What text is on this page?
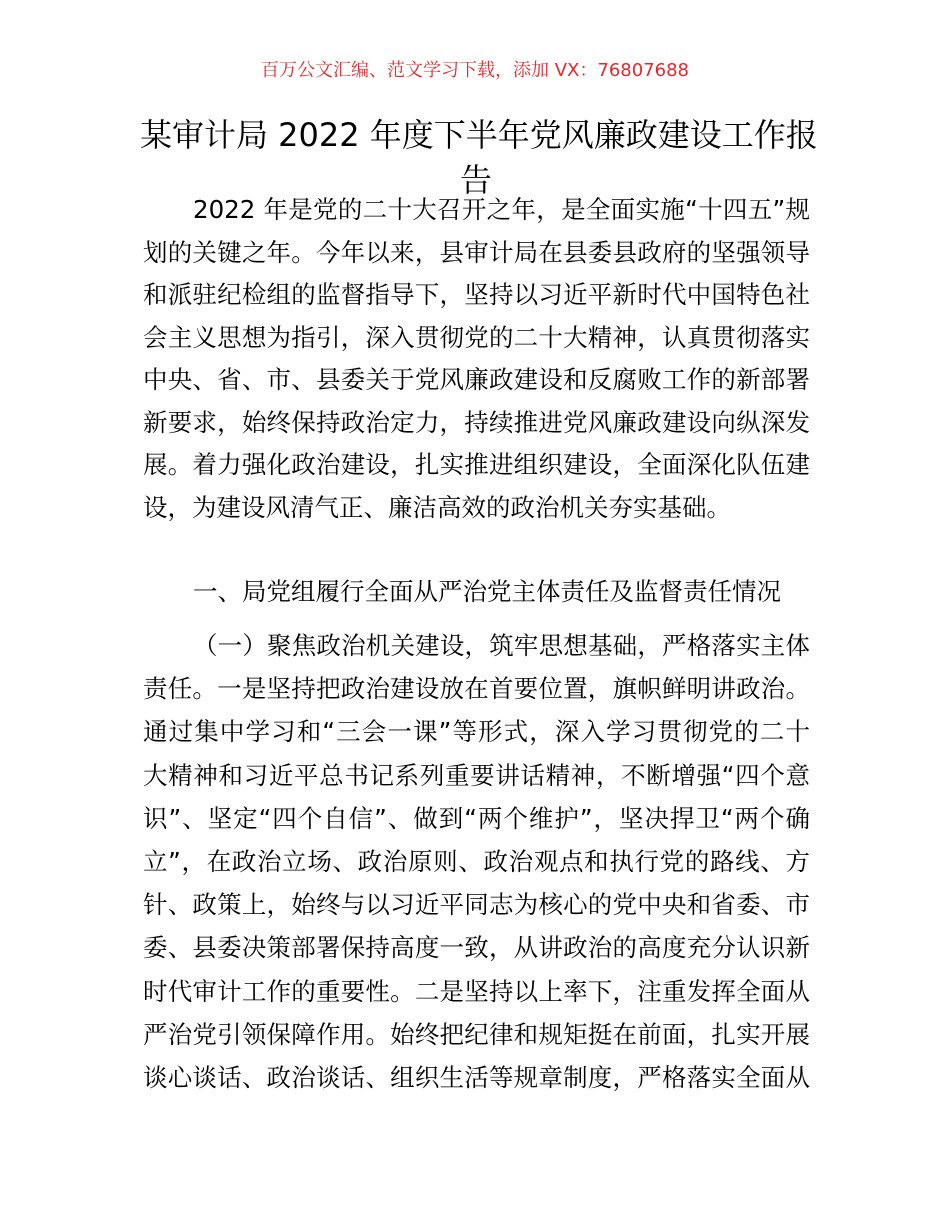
百万公文汇编、范文学习下载，添加 VX：76807688
某审计局 2022 年度下半年党风廉政建设工作报
告
2022 年是党的二十大召开之年，是全面实施“十四五”规
划的关键之年。今年以来，县审计局在县委县政府的坚强领导
和派驻纪检组的监督指导下，坚持以习近平新时代中国特色社
会主义思想为指引，深入贯彻党的二十大精神，认真贯彻落实
中央、省、市、县委关于党风廉政建设和反腐败工作的新部署
新要求，始终保持政治定力，持续推进党风廉政建设向纵深发
展。着力强化政治建设，扎实推进组织建设，全面深化队伍建
设，为建设风清气正、廉洁高效的政治机关夯实基础。
一、局党组履行全面从严治党主体责任及监督责任情况
（一）聚焦政治机关建设，筑牢思想基础，严格落实主体
责任。一是坚持把政治建设放在首要位置，旗帜鲜明讲政治。
通过集中学习和“三会一课”等形式，深入学习贯彻党的二十
大精神和习近平总书记系列重要讲话精神，不断增强“四个意
识”、坚定“四个自信”、做到“两个维护”，坚决捍卫“两个确
立”，在政治立场、政治原则、政治观点和执行党的路线、方
针、政策上，始终与以习近平同志为核心的党中央和省委、市
委、县委决策部署保持高度一致，从讲政治的高度充分认识新
时代审计工作的重要性。二是坚持以上率下，注重发挥全面从
严治党引领保障作用。始终把纪律和规矩挺在前面，扎实开展
谈心谈话、政治谈话、组织生活等规章制度，严格落实全面从
